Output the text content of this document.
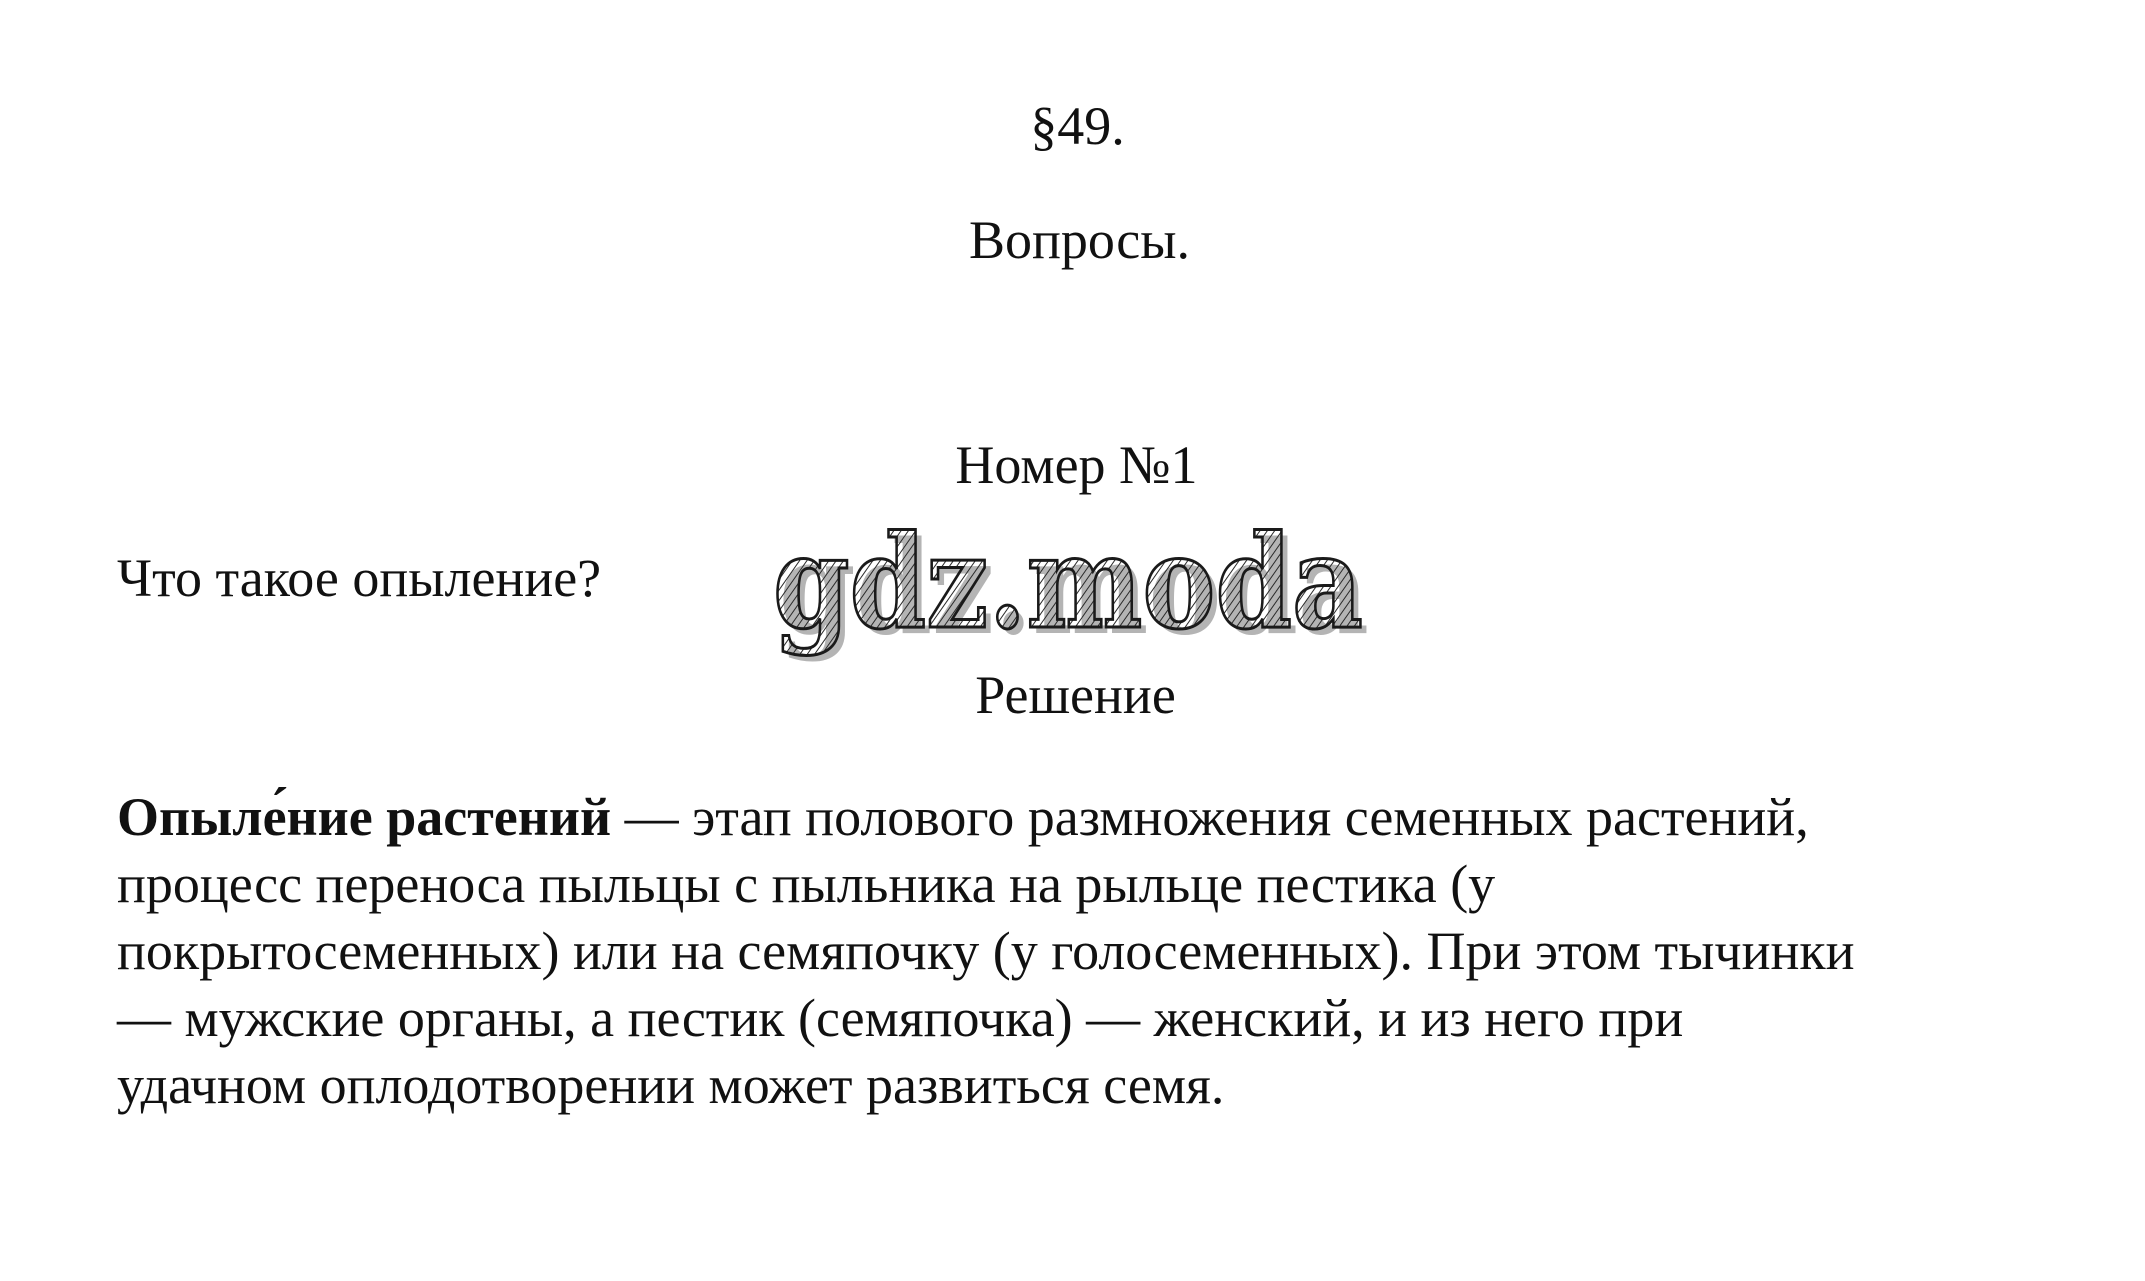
§49.
Вопросы.
Номер №1
Что такое опыление? gdz.moda
gdz.moda
Решение
Опыле́ние растений — этап полового размножения семенных растений,
процесс переноса пыльцы с пыльника на рыльце пестика (у
покрытосеменных) или на семяпочку (у голосеменных). При этом тычинки
— мужские органы, а пестик (семяпочка) — женский, и из него при
удачном оплодотворении может развиться семя.
